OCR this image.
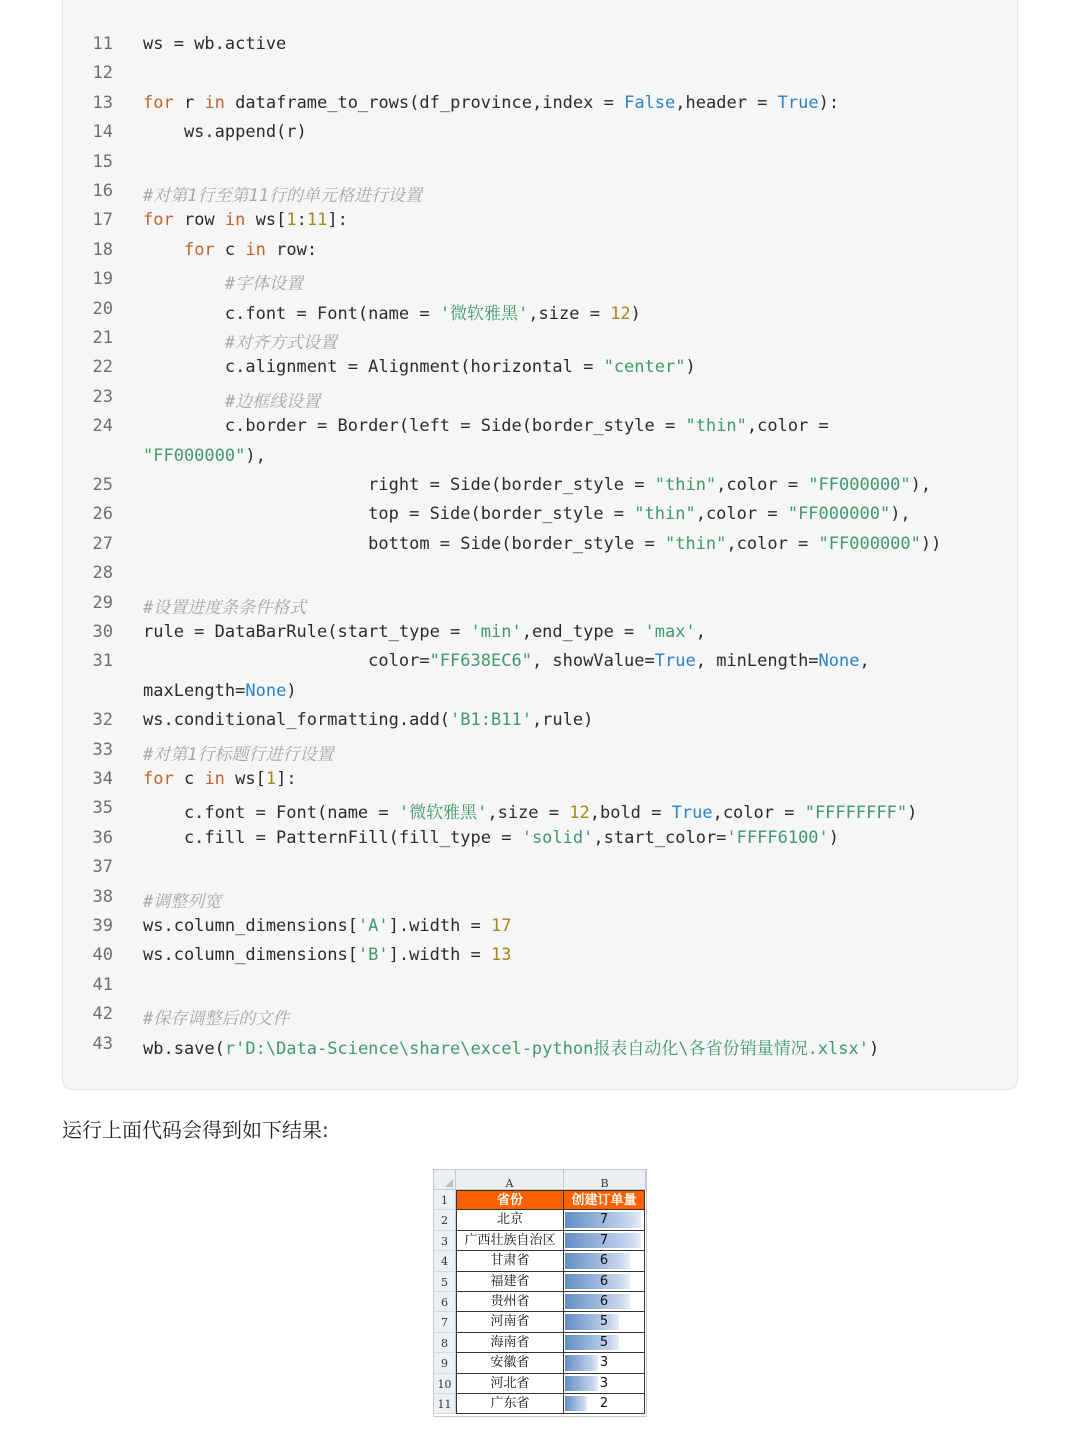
11 ws = wb.active
12
13 for r in dataframe_to_rows(df_province,index = False,header = True):
14 ws.append(r)
15
16 #对第1行至第11行的单元格进行设置
17 for row in ws[1:11]:
18	for c in row:
19	#字体设置
20 c.font = Font(name = '微软雅黑',size = 12)
21	#对齐方式设置
22 c.alignment = Alignment(horizontal = "center")
23	#边框线设置
24 c.border = Border(left = Side(border_style = "thin",color =
"FF000000"),
25 right = Side(border_style = "thin",color = "FF000000"),
26 top = Side(border_style = "thin",color = "FF000000"),
27 bottom = Side(border_style = "thin",color = "FF000000"))
28
29 #设置进度条条件格式
30 rule = DataBarRule(start_type = 'min',end_type = 'max',
31 color="FF638EC6", showValue=True, minLength=None,
maxLength=None)
32 ws.conditional_formatting.add('B1:B11',rule)
33 #对第1行标题行进行设置
34 for c in ws[1]:
35 c.font = Font(name = '微软雅黑',size = 12,bold = True,color = "FFFFFFFF")
36 c.fill = PatternFill(fill_type = 'solid',start_color='FFFF6100')
37
38 #调整列宽
39 ws.column_dimensions['A'].width = 17
40 ws.column_dimensions['B'].width = 13
41
42 #保存调整后的文件
43 wb.save(r'D:\Data-Science\share\excel-python报表自动化\各省份销量情况.xlsx')
运行上面代码会得到如下结果:
A	B
1	省份	创建订单量
2	北京	7
3	广西壮族自治区	7
4	甘肃省	6
5	福建省	6
6	贵州省	6
7	河南省	5
8	海南省	5
9	安徽省	3
10	河北省	3
11	广东省	2
